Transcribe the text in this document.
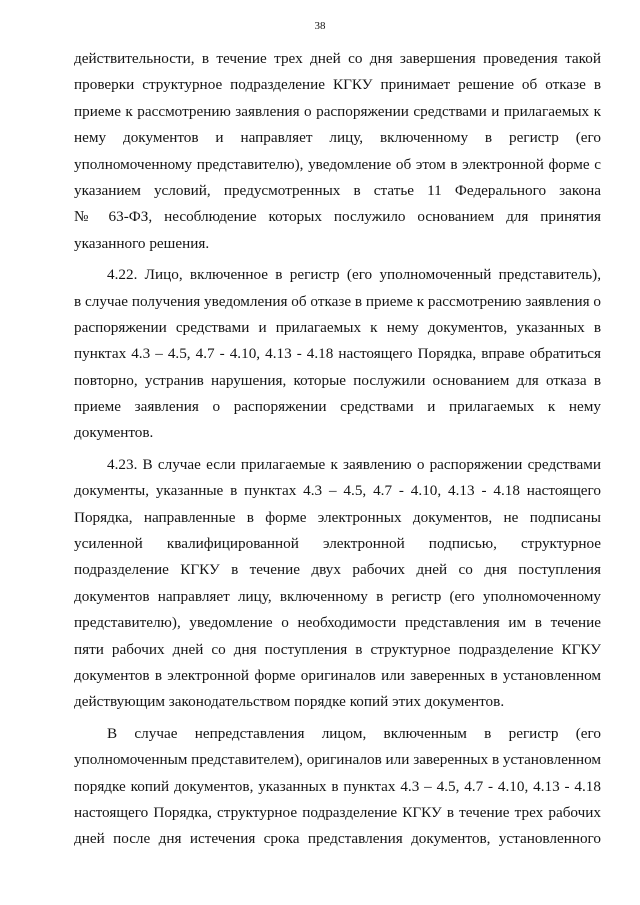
38
действительности, в течение трех дней со дня завершения проведения такой
проверки структурное подразделение КГКУ принимает решение об отказе в
приеме к рассмотрению заявления о распоряжении средствами и прилагаемых к
нему документов и направляет лицу, включенному в регистр (его
уполномоченному представителю), уведомление об этом в электронной форме с
указанием условий, предусмотренных в статье 11 Федерального закона
№ 63-ФЗ, несоблюдение которых послужило основанием для принятия
указанного решения.
4.22. Лицо, включенное в регистр (его уполномоченный представитель),
в случае получения уведомления об отказе в приеме к рассмотрению заявления о
распоряжении средствами и прилагаемых к нему документов, указанных в
пунктах 4.3 – 4.5, 4.7 - 4.10, 4.13 - 4.18 настоящего Порядка, вправе обратиться
повторно, устранив нарушения, которые послужили основанием для отказа в
приеме заявления о распоряжении средствами и прилагаемых к нему
документов.
4.23. В случае если прилагаемые к заявлению о распоряжении средствами
документы, указанные в пунктах 4.3 – 4.5, 4.7 - 4.10, 4.13 - 4.18 настоящего
Порядка, направленные в форме электронных документов, не подписаны
усиленной квалифицированной электронной подписью, структурное
подразделение КГКУ в течение двух рабочих дней со дня поступления
документов направляет лицу, включенному в регистр (его уполномоченному
представителю), уведомление о необходимости представления им в течение
пяти рабочих дней со дня поступления в структурное подразделение КГКУ
документов в электронной форме оригиналов или заверенных в установленном
действующим законодательством порядке копий этих документов.
В случае непредставления лицом, включенным в регистр (его
уполномоченным представителем), оригиналов или заверенных в установленном
порядке копий документов, указанных в пунктах 4.3 – 4.5, 4.7 - 4.10, 4.13 - 4.18
настоящего Порядка, структурное подразделение КГКУ в течение трех рабочих
дней после дня истечения срока представления документов, установленного
